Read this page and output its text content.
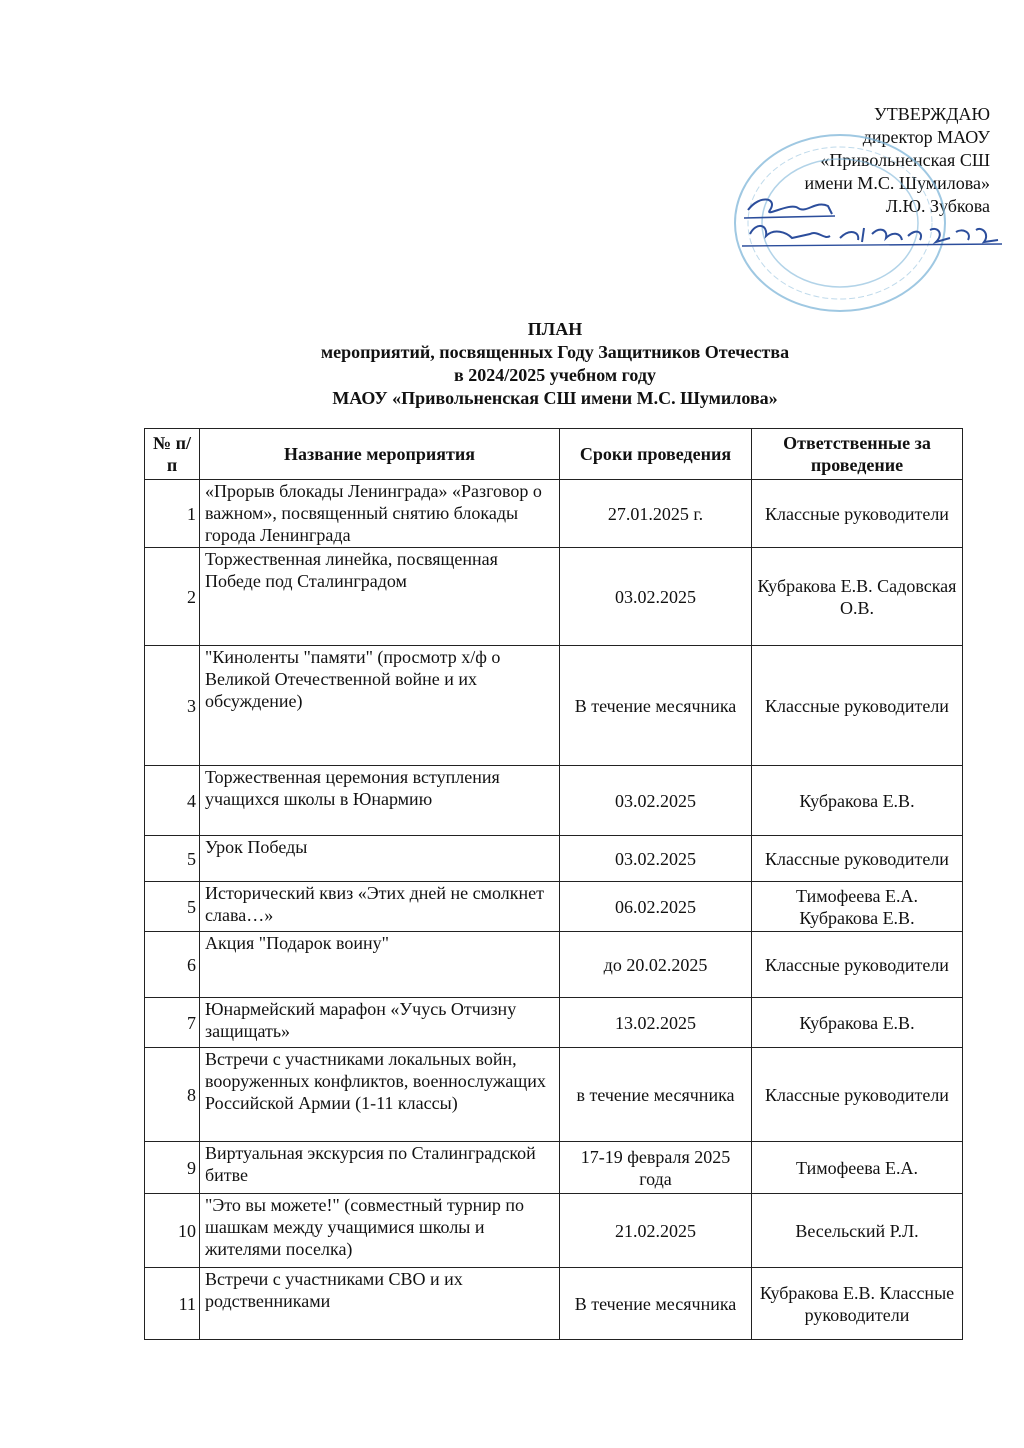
УТВЕРЖДАЮ
директор МАОУ
«Привольненская СШ
имени М.С. Шумилова»
Л.Ю. Зубкова
ПЛАН
мероприятий, посвященных Году Защитников Отечества
в 2024/2025 учебном году
МАОУ «Привольненская СШ имени М.С. Шумилова»
№ п/п	Название мероприятия	Сроки проведения	Ответственные за проведение
1	«Прорыв блокады Ленинграда» «Разговор о важном», посвященный снятию блокады города Ленинграда	27.01.2025 г.	Классные руководители
2	Торжественная линейка, посвященная Победе под Сталинградом	03.02.2025	Кубракова Е.В. Садовская О.В.
3	"Киноленты "памяти" (просмотр х/ф о Великой Отечественной войне и их обсуждение)	В течение месячника	Классные руководители
4	Торжественная церемония вступления учащихся школы в Юнармию	03.02.2025	Кубракова Е.В.
5	Урок Победы	03.02.2025	Классные руководители
5	Исторический квиз «Этих дней не смолкнет слава…»	06.02.2025	Тимофеева Е.А. Кубракова Е.В.
6	Акция "Подарок воину"	до 20.02.2025	Классные руководители
7	Юнармейский марафон «Учусь Отчизну защищать»	13.02.2025	Кубракова Е.В.
8	Встречи с участниками локальных войн, вооруженных конфликтов, военнослужащих Российской Армии (1-11 классы)	в течение месячника	Классные руководители
9	Виртуальная экскурсия по Сталинградской битве	17-19 февраля 2025 года	Тимофеева Е.А.
10	"Это вы можете!" (совместный турнир по шашкам между учащимися школы и жителями поселка)	21.02.2025	Весельский Р.Л.
11	Встречи с участниками СВО и их родственниками	В течение месячника	Кубракова Е.В. Классные руководители
